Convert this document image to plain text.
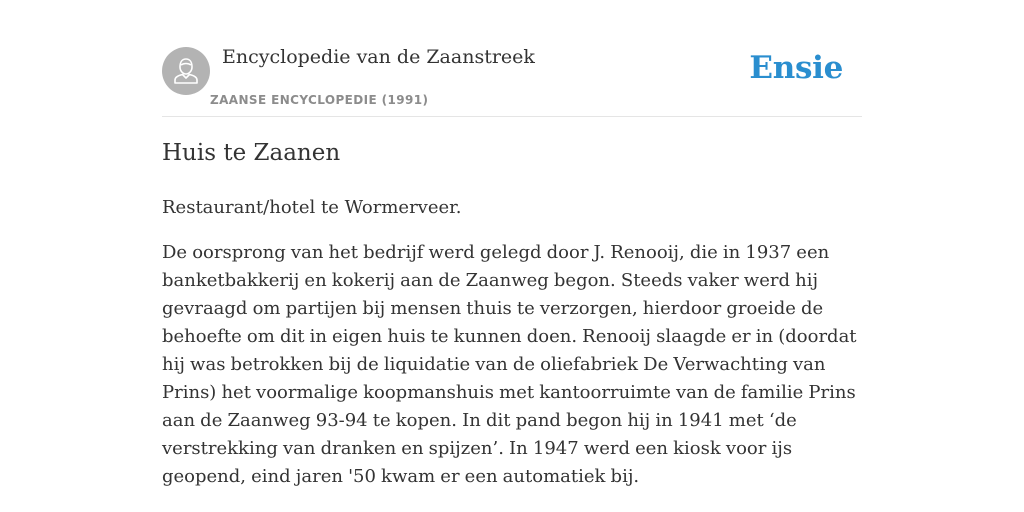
Encyclopedie van de Zaanstreek
ZAANSE ENCYCLOPEDIE (1991)
Ensie
Huis te Zaanen

Restaurant/hotel te Wormerveer.

De oorsprong van het bedrijf werd gelegd door J. Renooij, die in 1937 een banketbakkerij en kokerij aan de Zaanweg begon. Steeds vaker werd hij gevraagd om partijen bij mensen thuis te verzorgen, hierdoor groeide de behoefte om dit in eigen huis te kunnen doen. Renooij slaagde er in (doordat hij was betrokken bij de liquidatie van de oliefabriek De Verwachting van Prins) het voormalige koopmanshuis met kantoorruimte van de familie Prins aan de Zaanweg 93-94 te kopen. In dit pand begon hij in 1941 met ‘de verstrekking van dranken en spijzen’. In 1947 werd een kiosk voor ijs geopend, eind jaren '50 kwam er een automatiek bij.
